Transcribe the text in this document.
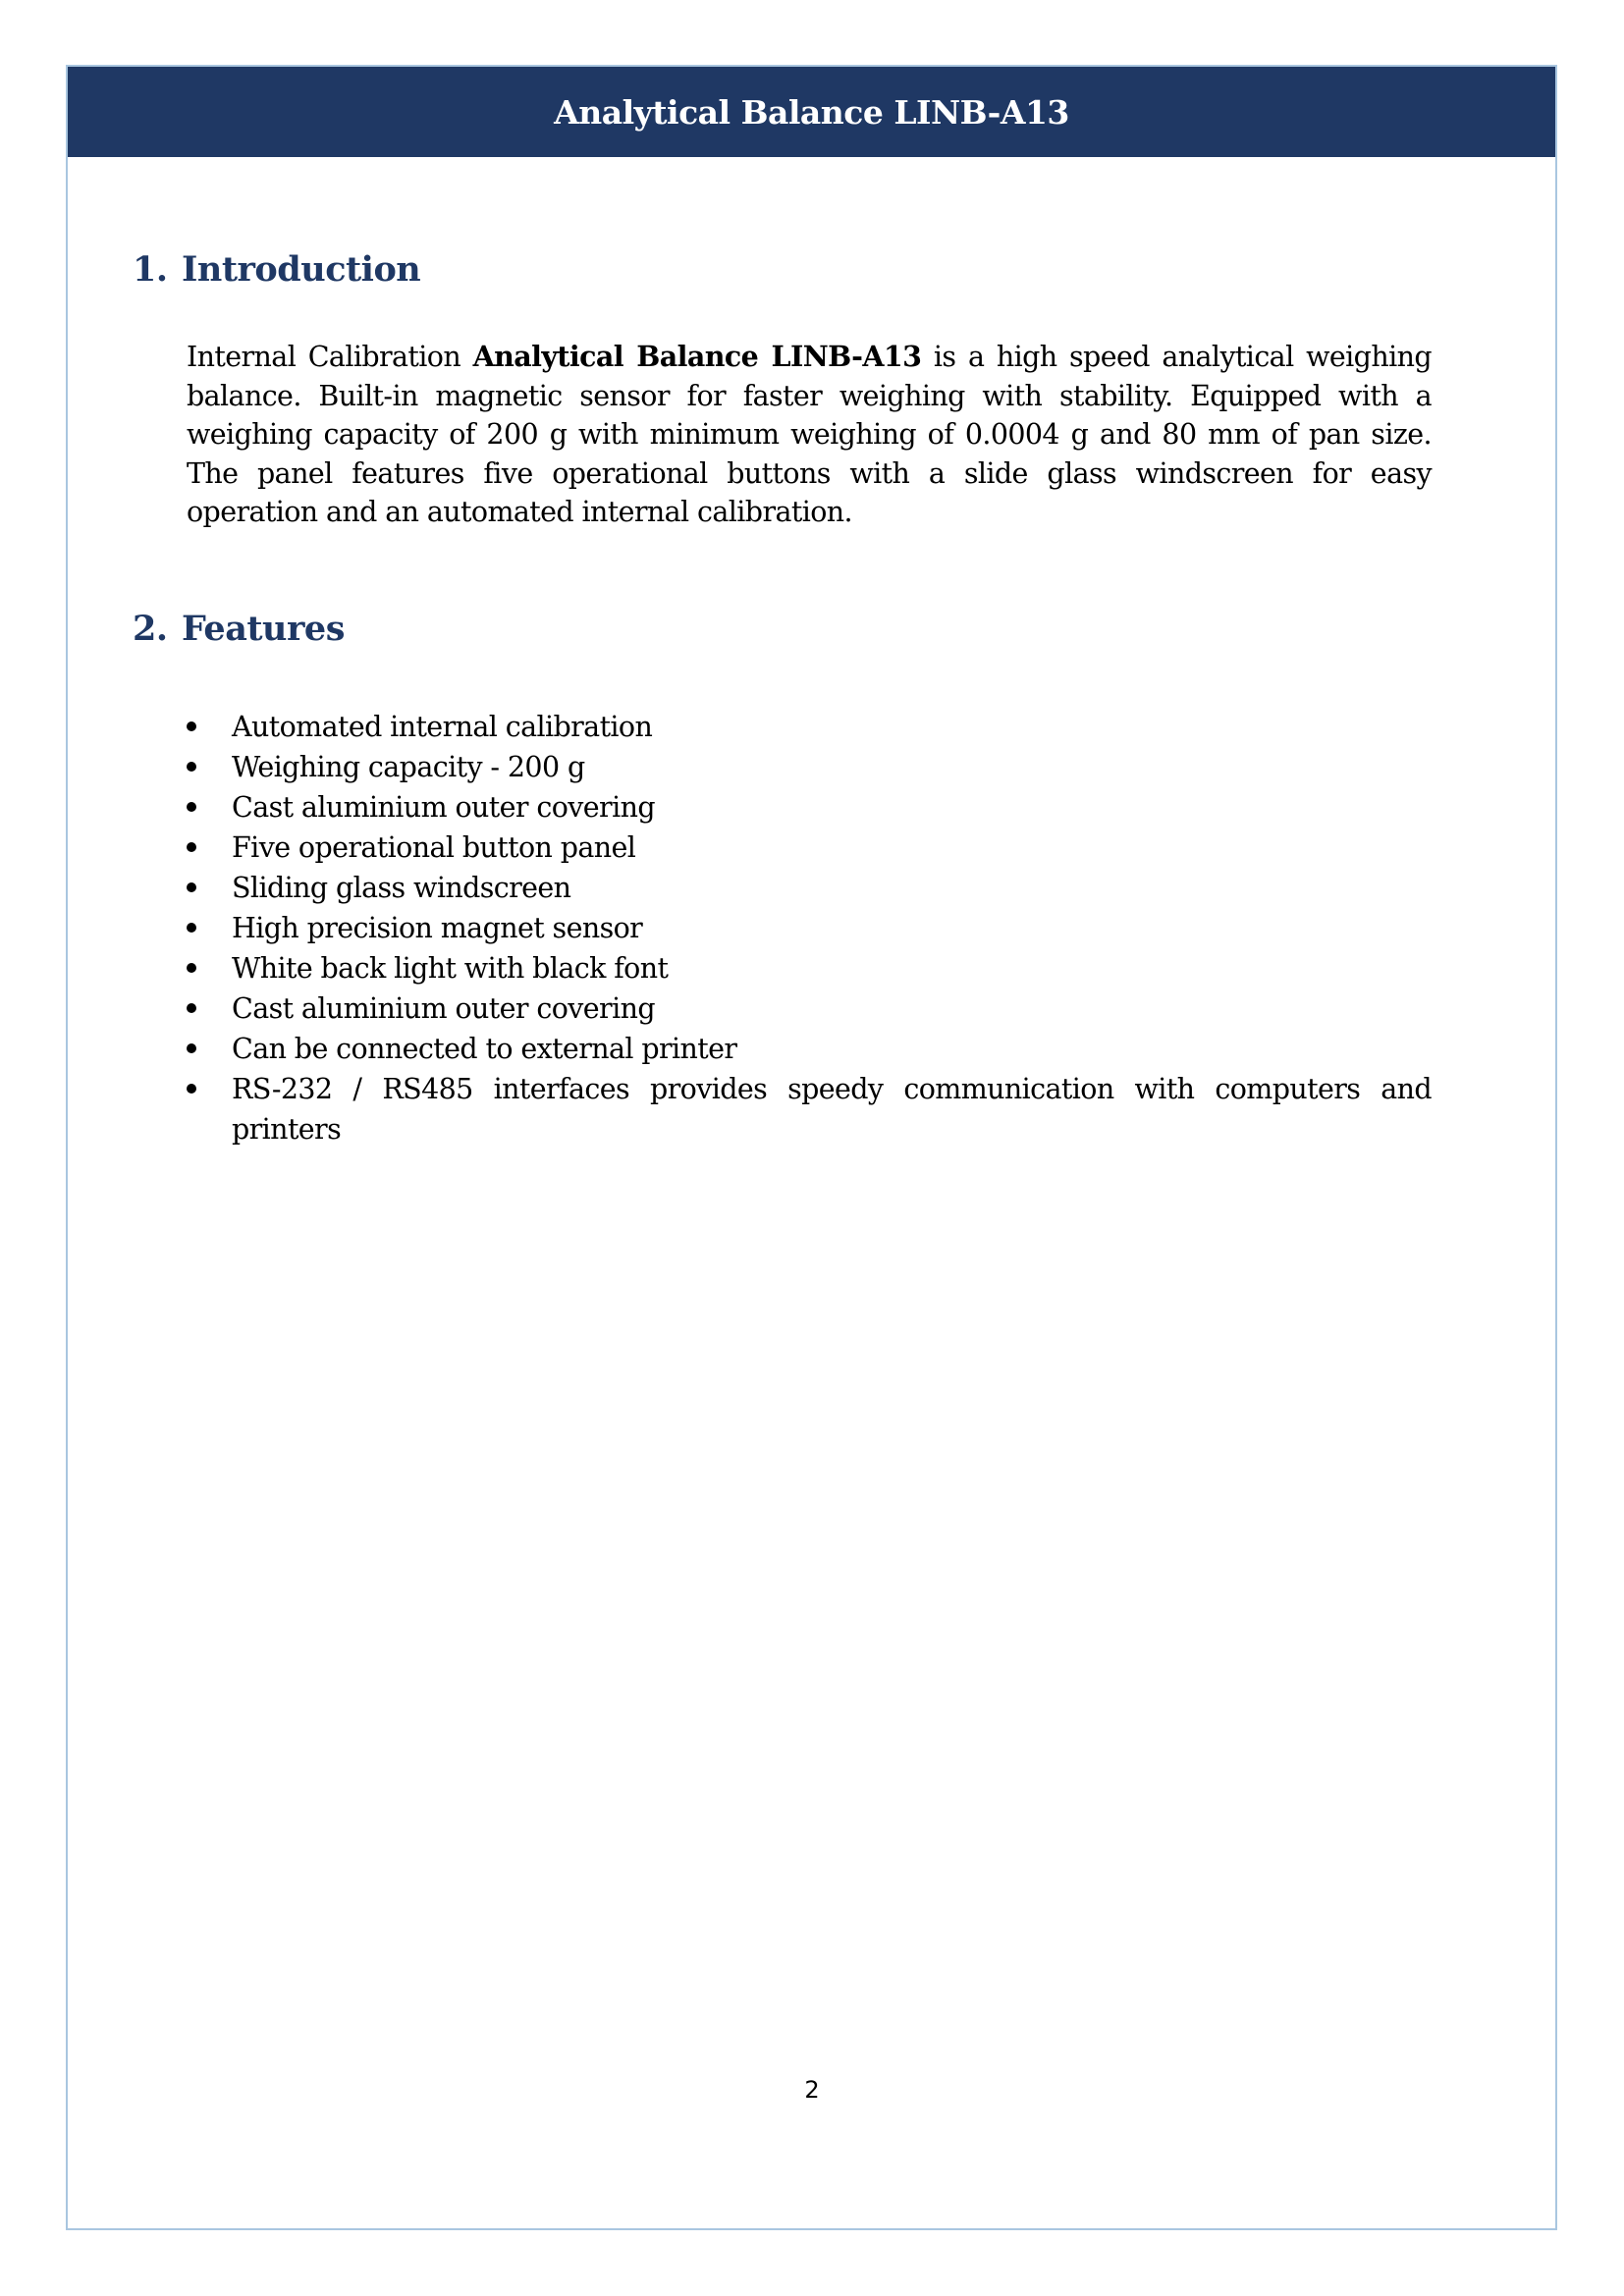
Analytical Balance LINB-A13
1. Introduction

Internal Calibration Analytical Balance LINB-A13 is a high speed analytical weighing balance. Built-in magnetic sensor for faster weighing with stability. Equipped with a weighing capacity of 200 g with minimum weighing of 0.0004 g and 80 mm of pan size. The panel features five operational buttons with a slide glass windscreen for easy operation and an automated internal calibration.

2. Features
Automated internal calibration
Weighing capacity - 200 g
Cast aluminium outer covering
Five operational button panel
Sliding glass windscreen
High precision magnet sensor
White back light with black font
Cast aluminium outer covering
Can be connected to external printer
RS-232 / RS485 interfaces provides speedy communication with computers and printers
2
